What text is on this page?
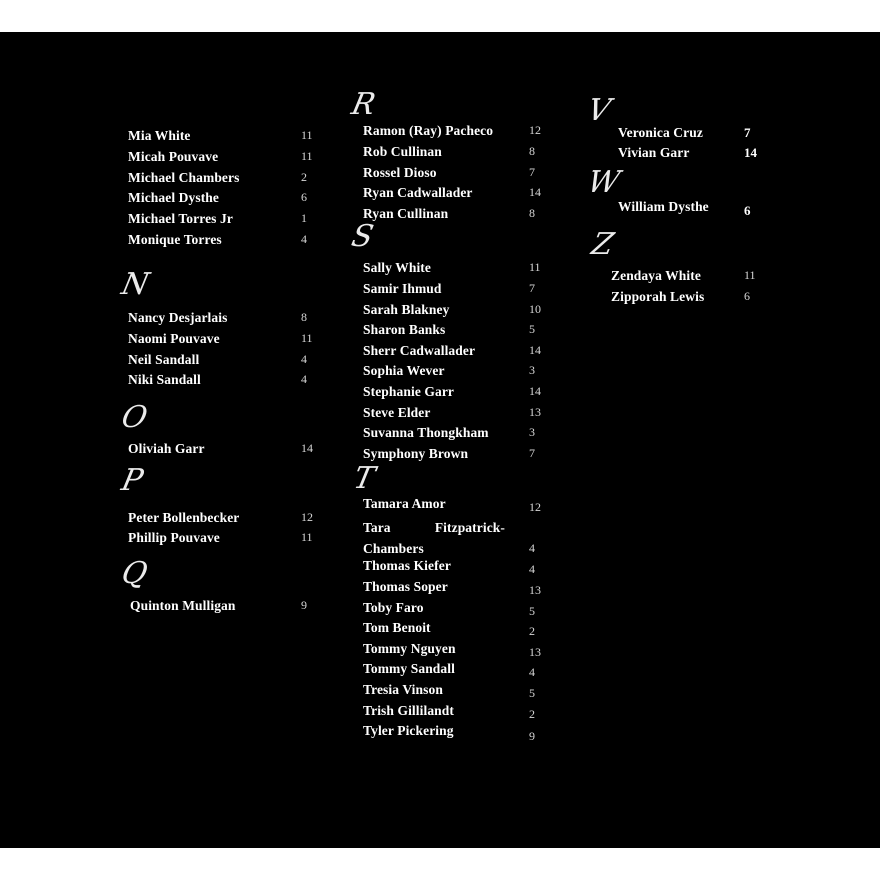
Mia White	11
Micah Pouvave	11
Michael Chambers	2
Michael Dysthe	6
Michael Torres Jr	1
Monique Torres	4
N
Nancy Desjarlais	8
Naomi Pouvave	11
Neil Sandall	4
Niki Sandall	4
O
Oliviah Garr	14
P
Peter Bollenbecker	12
Phillip Pouvave	11
Q
Quinton Mulligan	9
R
Ramon (Ray) Pacheco	12
Rob Cullinan	8
Rossel Dioso	7
Ryan Cadwallader	14
Ryan Cullinan	8
S
Sally White	11
Samir Ihmud	7
Sarah Blakney	10
Sharon Banks	5
Sherr Cadwallader	14
Sophia Wever	3
Stephanie Garr	14
Steve Elder	13
Suvanna Thongkham	3
Symphony Brown	7
T
Tamara Amor	12
Tara Fitzpatrick-Chambers	4
Thomas Kiefer	4
Thomas Soper	13
Toby Faro	5
Tom Benoit	2
Tommy Nguyen	13
Tommy Sandall	4
Tresia Vinson	5
Trish Gillilandt	2
Tyler Pickering	9
V
Veronica Cruz	7
Vivian Garr	14
W
William Dysthe	6
Z
Zendaya White	11
Zipporah Lewis	6
